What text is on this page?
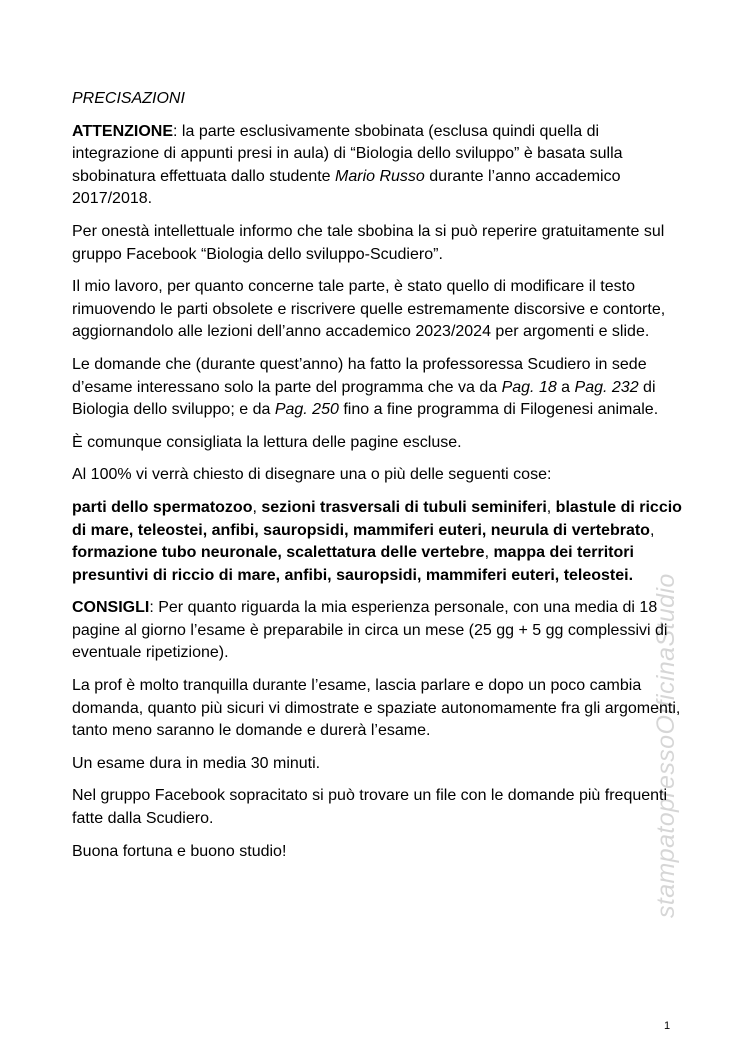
PRECISAZIONI

ATTENZIONE: la parte esclusivamente sbobinata (esclusa quindi quella di integrazione di appunti presi in aula) di “Biologia dello sviluppo” è basata sulla sbobinatura effettuata dallo studente Mario Russo durante l’anno accademico 2017/2018.

Per onestà intellettuale informo che tale sbobina la si può reperire gratuitamente sul gruppo Facebook “Biologia dello sviluppo-Scudiero”.

Il mio lavoro, per quanto concerne tale parte, è stato quello di modificare il testo rimuovendo le parti obsolete e riscrivere quelle estremamente discorsive e contorte, aggiornandolo alle lezioni dell’anno accademico 2023/2024 per argomenti e slide.

Le domande che (durante quest’anno) ha fatto la professoressa Scudiero in sede d’esame interessano solo la parte del programma che va da Pag. 18 a Pag. 232 di Biologia dello sviluppo; e da Pag. 250 fino a fine programma di Filogenesi animale.

È comunque consigliata la lettura delle pagine escluse.

Al 100% vi verrà chiesto di disegnare una o più delle seguenti cose:

parti dello spermatozoo, sezioni trasversali di tubuli seminiferi, blastule di riccio di mare, teleostei, anfibi, sauropsidi, mammiferi euteri, neurula di vertebrato, formazione tubo neuronale, scalettatura delle vertebre, mappa dei territori presuntivi di riccio di mare, anfibi, sauropsidi, mammiferi euteri, teleostei.

CONSIGLI: Per quanto riguarda la mia esperienza personale, con una media di 18 pagine al giorno l’esame è preparabile in circa un mese (25 gg + 5 gg complessivi di eventuale ripetizione).

La prof è molto tranquilla durante l’esame, lascia parlare e dopo un poco cambia domanda, quanto più sicuri vi dimostrate e spaziate autonomamente fra gli argomenti, tanto meno saranno le domande e durerà l’esame.

Un esame dura in media 30 minuti.

Nel gruppo Facebook sopracitato si può trovare un file con le domande più frequenti fatte dalla Scudiero.

Buona fortuna e buono studio!	stampatopressoOfficinaStudio
1
